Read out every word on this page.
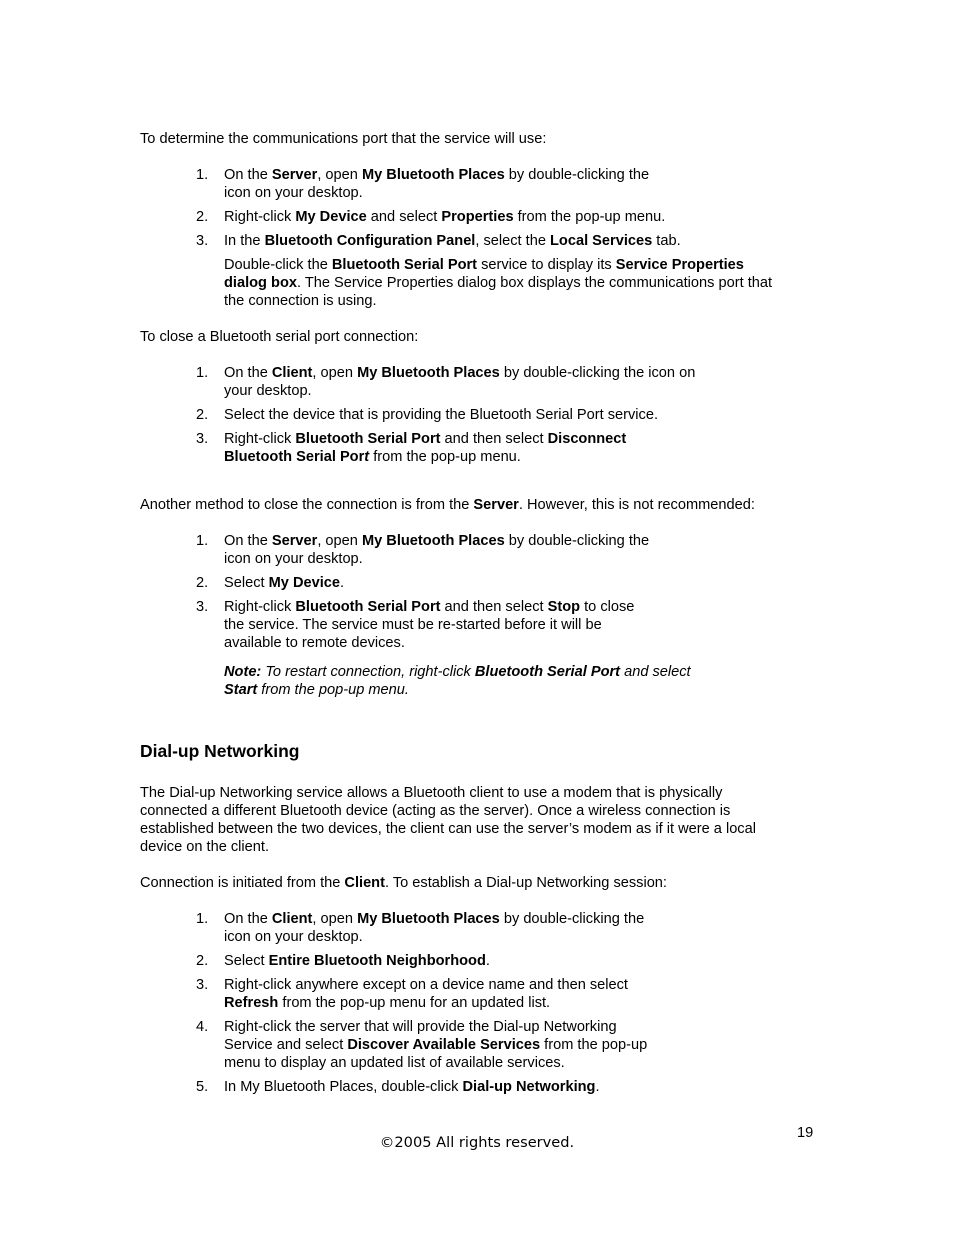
To determine the communications port that the service will use:

1. On the Server, open My Bluetooth Places by double-clicking the
icon on your desktop.
2. Right-click My Device and select Properties from the pop-up menu.
3. In the Bluetooth Configuration Panel, select the Local Services tab.

Double-click the Bluetooth Serial Port service to display its Service Properties
dialog box. The Service Properties dialog box displays the communications port that
the connection is using.

To close a Bluetooth serial port connection:

1. On the Client, open My Bluetooth Places by double-clicking the icon on
your desktop.
2. Select the device that is providing the Bluetooth Serial Port service.
3. Right-click Bluetooth Serial Port and then select Disconnect
Bluetooth Serial Port from the pop-up menu.

Another method to close the connection is from the Server. However, this is not recommended:

1. On the Server, open My Bluetooth Places by double-clicking the
icon on your desktop.
2. Select My Device.
3. Right-click Bluetooth Serial Port and then select Stop to close
the service. The service must be re-started before it will be
available to remote devices.

Note: To restart connection, right-click Bluetooth Serial Port and select
Start from the pop-up menu.

Dial-up Networking

The Dial-up Networking service allows a Bluetooth client to use a modem that is physically
connected a different Bluetooth device (acting as the server). Once a wireless connection is
established between the two devices, the client can use the server’s modem as if it were a local
device on the client.

Connection is initiated from the Client. To establish a Dial-up Networking session:

1. On the Client, open My Bluetooth Places by double-clicking the
icon on your desktop.
2. Select Entire Bluetooth Neighborhood.
3. Right-click anywhere except on a device name and then select
Refresh from the pop-up menu for an updated list.
4. Right-click the server that will provide the Dial-up Networking
Service and select Discover Available Services from the pop-up
menu to display an updated list of available services.
5. In My Bluetooth Places, double-click Dial-up Networking.
19
©2005 All rights reserved.
